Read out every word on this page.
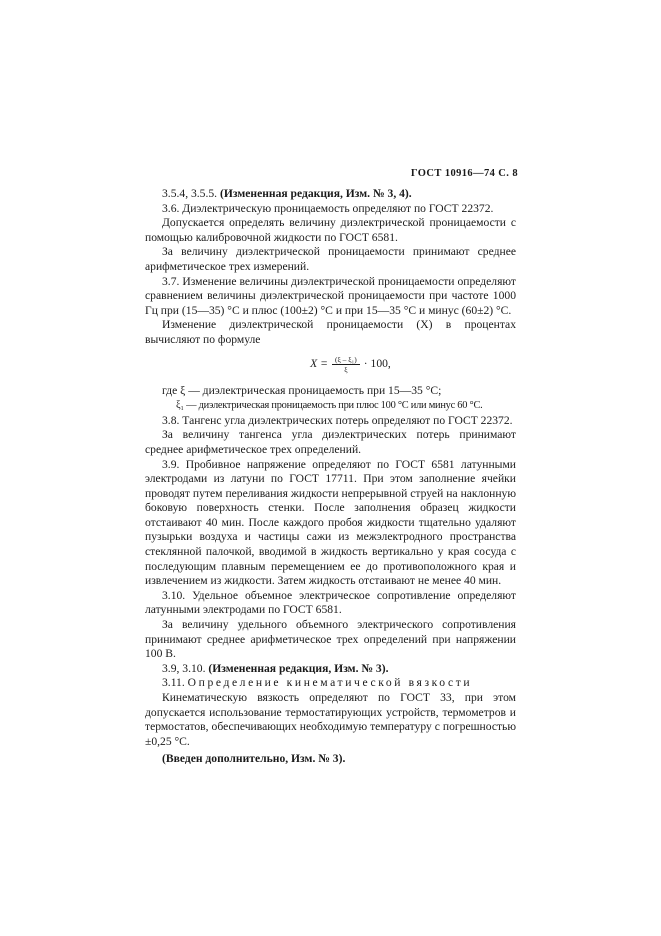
ГОСТ 10916—74 С. 8

3.5.4, 3.5.5. (Измененная редакция, Изм. № 3, 4).

3.6. Диэлектрическую проницаемость определяют по ГОСТ 22372.

Допускается определять величину диэлектрической проницаемости с помощью калибровочной жидкости по ГОСТ 6581.

За величину диэлектрической проницаемости принимают среднее арифметическое трех измерений.

3.7. Изменение величины диэлектрической проницаемости определяют сравнением величины диэлектрической проницаемости при частоте 1000 Гц при (15—35) °С и плюс (100±2) °С и при 15—35 °С и минус (60±2) °С.

Изменение диэлектрической проницаемости (X) в процентах вычисляют по формуле

$X = \frac{\text{(ξ – ξ₁)}}{\xi} \cdot 100$,

где ξ — диэлектрическая проницаемость при 15—35 °С;

ξ₁ — диэлектрическая проницаемость при плюс 100 °С или минус 60 °С.

3.8. Тангенс угла диэлектрических потерь определяют по ГОСТ 22372.

За величину тангенса угла диэлектрических потерь принимают среднее арифметическое трех определений.

3.9. Пробивное напряжение определяют по ГОСТ 6581 латунными электродами из латуни по ГОСТ 17711. При этом заполнение ячейки проводят путем переливания жидкости непрерывной струей на наклонную боковую поверхность стенки. После заполнения образец жидкости отстаивают 40 мин. После каждого пробоя жидкости тщательно удаляют пузырьки воздуха и частицы сажи из межэлектродного пространства стеклянной палочкой, вводимой в жидкость вертикально у края сосуда с последующим плавным перемещением ее до противоположного края и извлечением из жидкости. Затем жидкость отстаивают не менее 40 мин.

3.10. Удельное объемное электрическое сопротивление определяют латунными электродами по ГОСТ 6581.

За величину удельного объемного электрического сопротивления принимают среднее арифметическое трех определений при напряжении 100 В.

3.9, 3.10. (Измененная редакция, Изм. № 3).

3.11. Определение кинематической вязкости

Кинематическую вязкость определяют по ГОСТ 33, при этом допускается использование термостатирующих устройств, термометров и термостатов, обеспечивающих необходимую температуру с погрешностью ±0,25 °С.

(Введен дополнительно, Изм. № 3).
